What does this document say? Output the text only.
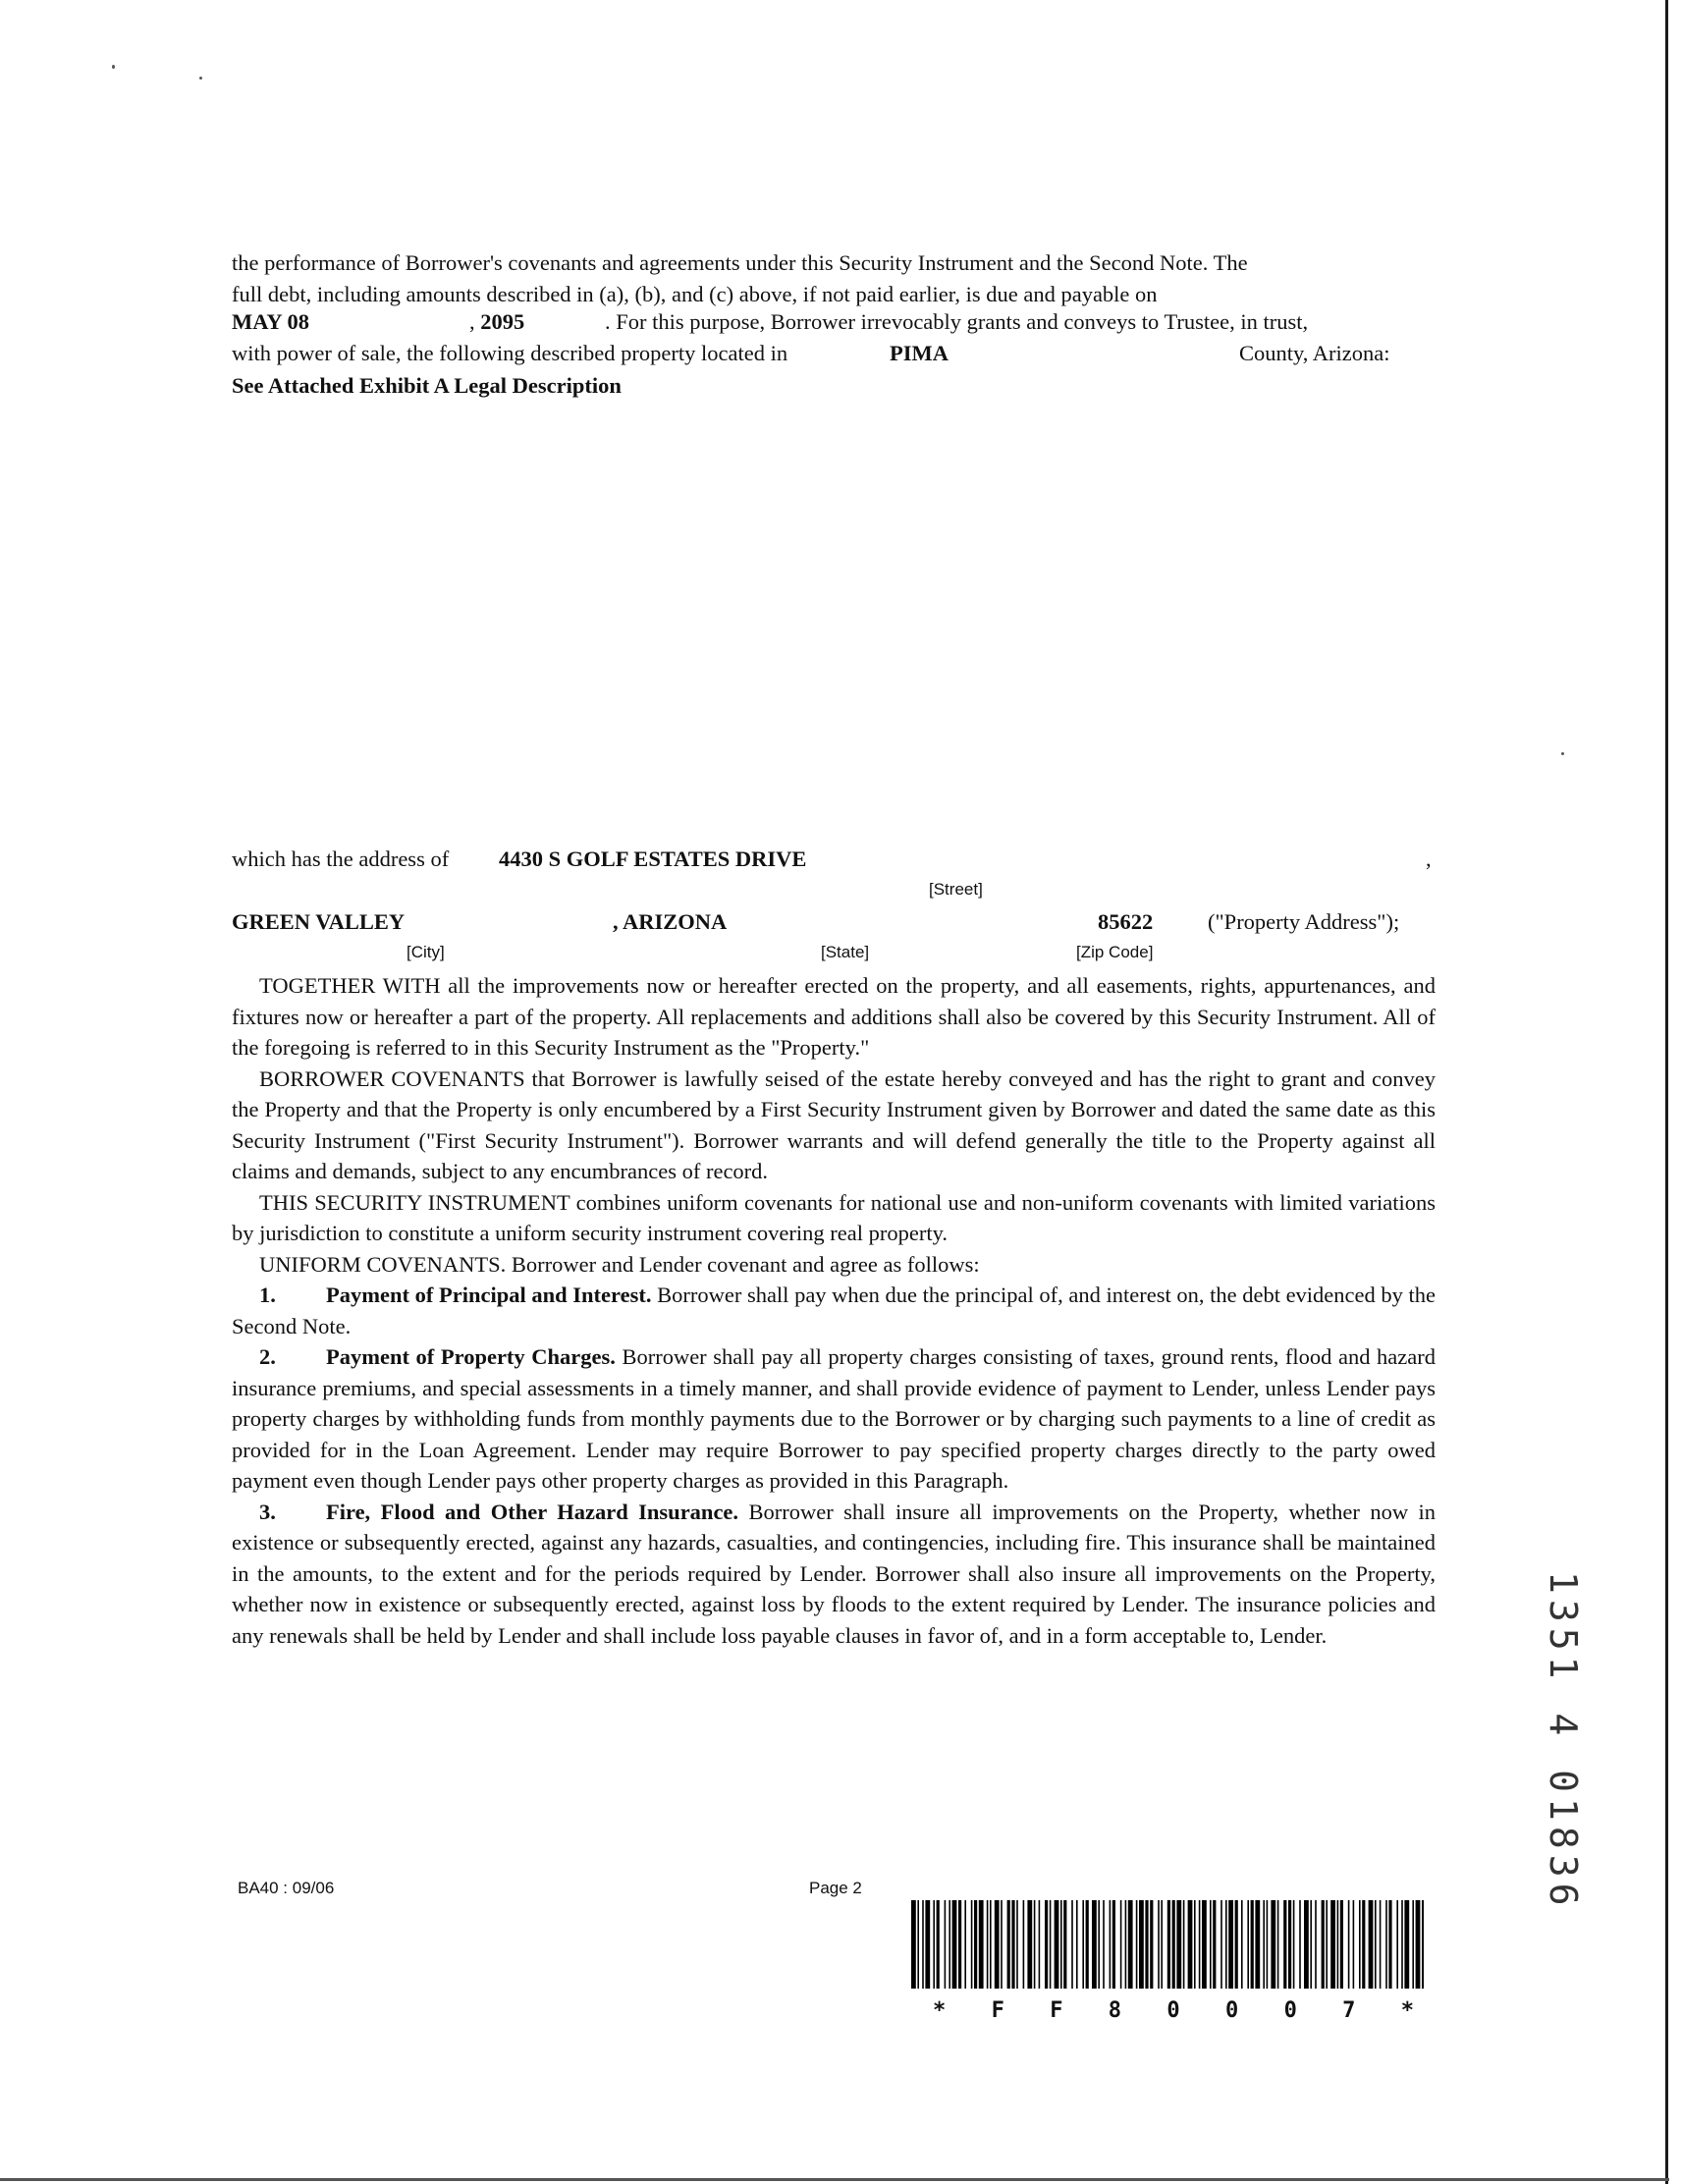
the performance of Borrower's covenants and agreements under this Security Instrument and the Second Note. The

full debt, including amounts described in (a), (b), and (c) above, if not paid earlier, is due and payable on

MAY 08	, 2095	. For this purpose, Borrower irrevocably grants and conveys to Trustee, in trust,
with power of sale, the following described property located in	PIMA	County, Arizona:
See Attached Exhibit A Legal Description
which has the address of 4430 S GOLF ESTATES DRIVE	,
[Street]
GREEN VALLEY	, ARIZONA	85622 ("Property Address");
[City]	[State]	[Zip Code]

TOGETHER WITH all the improvements now or hereafter erected on the property, and all easements, rights, appurtenances, and fixtures now or hereafter a part of the property. All replacements and additions shall also be covered by this Security Instrument. All of the foregoing is referred to in this Security Instrument as the "Property."

BORROWER COVENANTS that Borrower is lawfully seised of the estate hereby conveyed and has the right to grant and convey the Property and that the Property is only encumbered by a First Security Instrument given by Borrower and dated the same date as this Security Instrument ("First Security Instrument"). Borrower warrants and will defend generally the title to the Property against all claims and demands, subject to any encumbrances of record.

THIS SECURITY INSTRUMENT combines uniform covenants for national use and non-uniform covenants with limited variations by jurisdiction to constitute a uniform security instrument covering real property.

UNIFORM COVENANTS. Borrower and Lender covenant and agree as follows:

1. Payment of Principal and Interest. Borrower shall pay when due the principal of, and interest on, the debt evidenced by the Second Note.

2. Payment of Property Charges. Borrower shall pay all property charges consisting of taxes, ground rents, flood and hazard insurance premiums, and special assessments in a timely manner, and shall provide evidence of payment to Lender, unless Lender pays property charges by withholding funds from monthly payments due to the Borrower or by charging such payments to a line of credit as provided for in the Loan Agreement. Lender may require Borrower to pay specified property charges directly to the party owed payment even though Lender pays other property charges as provided in this Paragraph.

3. Fire, Flood and Other Hazard Insurance. Borrower shall insure all improvements on the Property, whether now in existence or subsequently erected, against any hazards, casualties, and contingencies, including fire. This insurance shall be maintained in the amounts, to the extent and for the periods required by Lender. Borrower shall also insure all improvements on the Property, whether now in existence or subsequently erected, against loss by floods to the extent required by Lender. The insurance policies and any renewals shall be held by Lender and shall include loss payable clauses in favor of, and in a form acceptable to, Lender.	1351 4 01836
BA40 : 09/06	Page 2
* F F 8 0 0 0 7 *
